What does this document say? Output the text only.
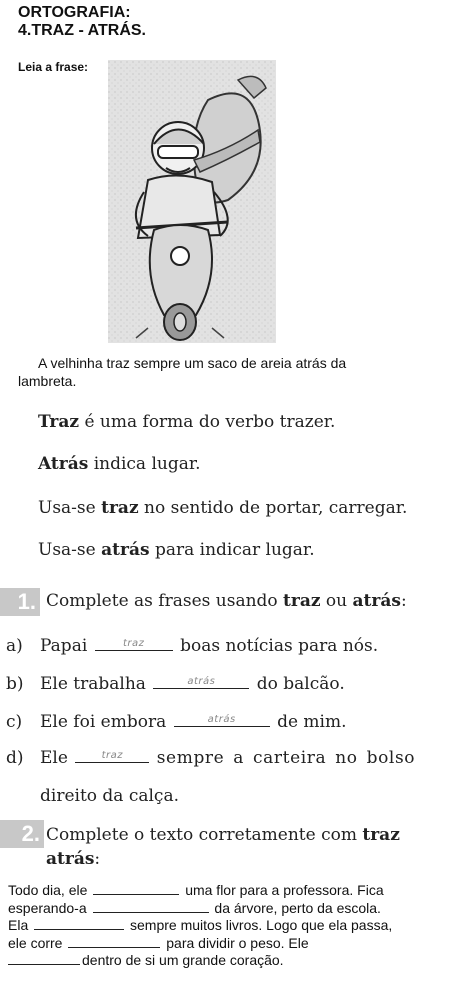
ORTOGRAFIA:
4.TRAZ - ATRÁS.
Leia a frase:
A velhinha traz sempre um saco de areia atrás da
lambreta.
Traz é uma forma do verbo trazer.
Atrás indica lugar.
Usa-se traz no sentido de portar, carregar.
Usa-se atrás para indicar lugar.
1. Complete as frases usando traz ou atrás:
a) Papai	traz	boas notícias para nós.
b) Ele trabalha	atrás	do balcão.
c) Ele foi embora	atrás	de mim.
d) Ele	traz	sempre a carteira no bolso
direito da calça.
2. Complete o texto corretamente com traz
atrás:
Todo dia, ele	uma flor para a professora. Fica
esperando-a	da árvore, perto da escola.
Ela	sempre muitos livros. Logo que ela passa,
ele corre	para dividir o peso. Ele
dentro de si um grande coração.
